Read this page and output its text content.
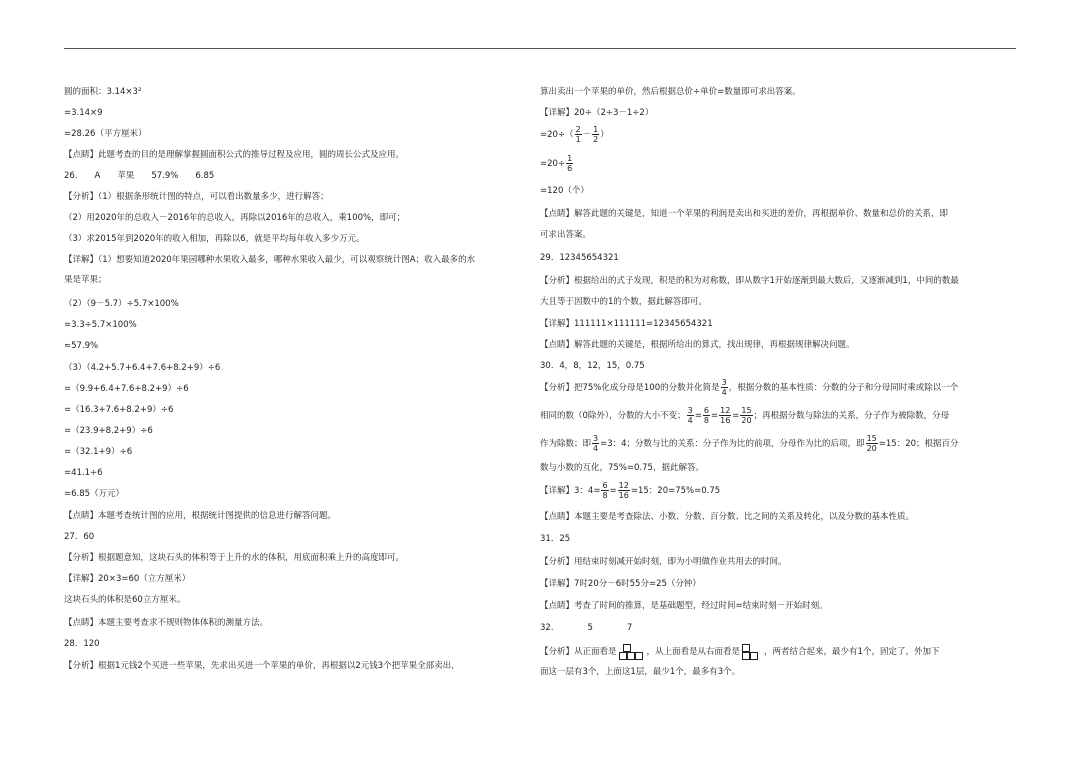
圆的面积：3.14×3²
=3.14×9
=28.26（平方厘米）
【点睛】此题考查的目的是理解掌握圆面积公式的推导过程及应用，圆的周长公式及应用。
26.　　A　　苹果　　57.9%　　6.85
【分析】（1）根据条形统计图的特点，可以看出数量多少，进行解答；
（2）用2020年的总收入－2016年的总收入，再除以2016年的总收入，乘100%，即可；
（3）求2015年到2020年的收入相加，再除以6，就是平均每年收入多少万元。
【详解】（1）想要知道2020年果园哪种水果收入最多，哪种水果收入最少，可以观察统计图A；收入最多的水
果是苹果；
（2）（9－5.7）÷5.7×100%
=3.3÷5.7×100%
≈57.9%
（3）（4.2+5.7+6.4+7.6+8.2+9）÷6
=（9.9+6.4+7.6+8.2+9）÷6
=（16.3+7.6+8.2+9）÷6
=（23.9+8.2+9）÷6
=（32.1+9）÷6
=41.1÷6
=6.85（万元）
【点睛】本题考查统计图的应用，根据统计图提供的信息进行解答问题。
27．60
【分析】根据题意知，这块石头的体积等于上升的水的体积，用底面积乘上升的高度即可。
【详解】20×3=60（立方厘米）
这块石头的体积是60立方厘米。
【点睛】本题主要考查求不规则物体体积的测量方法。
28．120
【分析】根据1元钱2个买进一些苹果，先求出买进一个苹果的单价，再根据以2元钱3个把苹果全部卖出，
算出卖出一个苹果的单价，然后根据总价÷单价=数量即可求出答案。
【详解】20÷（2÷3－1÷2）
$=20\div( \frac{2}{1} - \frac{1}{2}$ ）
$=20\div \frac{1}{6}$
=120（个）
【点睛】解答此题的关键是，知道一个苹果的利润是卖出和买进的差价，再根据单价、数量和总价的关系，即
可求出答案。
29．12345654321
【分析】根据给出的式子发现，积是的积为对称数，即从数字1开始逐渐到最大数后，又逐渐减到1，中间的数最
大且等于因数中的1的个数，据此解答即可。
【详解】111111×111111=12345654321
【点睛】解答此题的关键是，根据所给出的算式，找出规律，再根据规律解决问题。
30．4，8，12，15，0.75
【分析】把75%化成分母是100的分数并化简是 $\frac{3}{4}$ ，根据分数的基本性质：分数的分子和分母同时乘或除以一个
相同的数（0除外），分数的大小不变； $\frac{3}{4} = \frac{6}{8} = \frac{12}{16} = \frac{15}{20}$ ；再根据分数与除法的关系，分子作为被除数，分母
作为除数；即 $\frac{3}{4} =3$：4；分数与比的关系：分子作为比的前项，分母作为比的后项，即 $\frac{15}{20} =15$：20；根据百分
数与小数的互化，75%=0.75，据此解答。
【详解】3：$4= \frac{6}{8} = \frac{12}{16} =15$：20=75%=0.75
【点睛】本题主要是考查除法、小数、分数、百分数、比之间的关系及转化，以及分数的基本性质。
31．25
【分析】用结束时刻减开始时刻，即为小明做作业共用去的时间。
【详解】7时20分－6时55分=25（分钟）
【点睛】考查了时间的推算，是基础题型，经过时间=结束时刻－开始时刻。
32.　　　　5　　　　7
【分析】从正面看是	，从上面看是从右面看是	，两者结合起来，最少有1个，固定了，外加下
面这一层有3个，上面这1层，最少1个，最多有3个。
